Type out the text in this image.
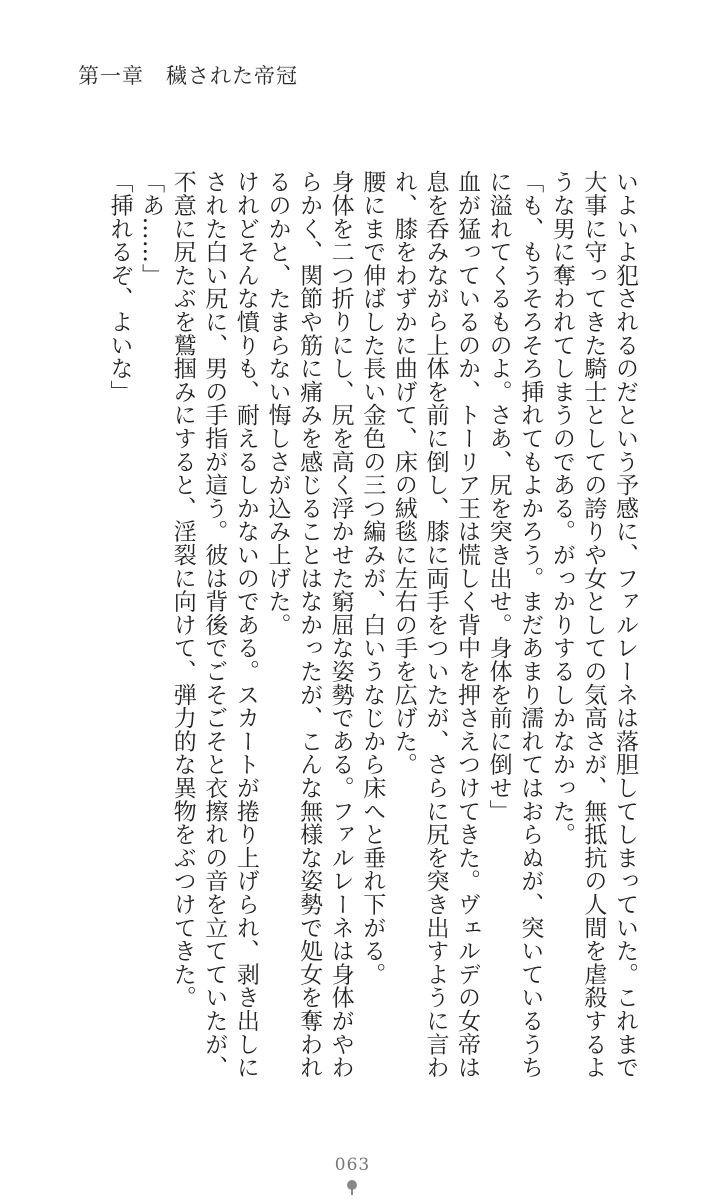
第一章　穢された帝冠

いよいよ犯されるのだという予感に、ファルレーネは落胆してしまっていた。これまで大事に守ってきた騎士としての誇りや女としての気高さが、無抵抗の人間を虐殺するような男に奪われてしまうのである。がっかりするしかなかった。

「も、もうそろそろ挿れてもよかろう。まだあまり濡れてはおらぬが、突いているうちに溢れてくるものよ。さあ、尻を突き出せ。身体を前に倒せ」

血が猛っているのか、トーリア王は慌しく背中を押さえつけてきた。ヴェルデの女帝は息を呑みながら上体を前に倒し、膝に両手をついたが、さらに尻を突き出すように言われ、膝をわずかに曲げて、床の絨毯に左右の手を広げた。

腰にまで伸ばした長い金色の三つ編みが、白いうなじから床へと垂れ下がる。

身体を二つ折りにし、尻を高く浮かせた窮屈な姿勢である。ファルレーネは身体がやわらかく、関節や筋に痛みを感じることはなかったが、こんな無様な姿勢で処女を奪われるのかと、たまらない悔しさが込み上げた。

けれどそんな憤りも、耐えるしかないのである。スカートが捲り上げられ、剥き出しにされた白い尻に、男の手指が這う。彼は背後でごそごそと衣擦れの音を立てていたが、不意に尻たぶを鷲掴みにすると、淫裂に向けて、弾力的な異物をぶつけてきた。

「あ……」

「挿れるぞ、よいな」

063
